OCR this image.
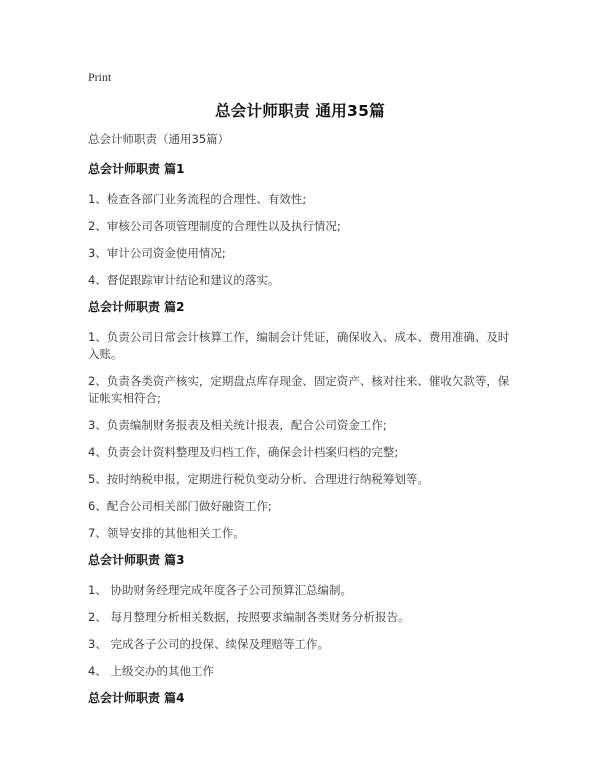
Print
总会计师职责 通用35篇
总会计师职责（通用35篇）
总会计师职责 篇1
1、检查各部门业务流程的合理性、有效性;
2、审核公司各项管理制度的合理性以及执行情况;
3、审计公司资金使用情况;
4、督促跟踪审计结论和建议的落实。
总会计师职责 篇2
1、负责公司日常会计核算工作，编制会计凭证，确保收入、成本、费用准确、及时入账。
2、负责各类资产核实，定期盘点库存现金、固定资产、核对往来、催收欠款等，保证帐实相符合;
3、负责编制财务报表及相关统计报表，配合公司资金工作;
4、负责会计资料整理及归档工作，确保会计档案归档的完整;
5、按时纳税申报，定期进行税负变动分析、合理进行纳税筹划等。
6、配合公司相关部门做好融资工作;
7、领导安排的其他相关工作。
总会计师职责 篇3
1、 协助财务经理完成年度各子公司预算汇总编制。
2、 每月整理分析相关数据，按照要求编制各类财务分析报告。
3、 完成各子公司的投保、续保及理赔等工作。
4、 上级交办的其他工作
总会计师职责 篇4
